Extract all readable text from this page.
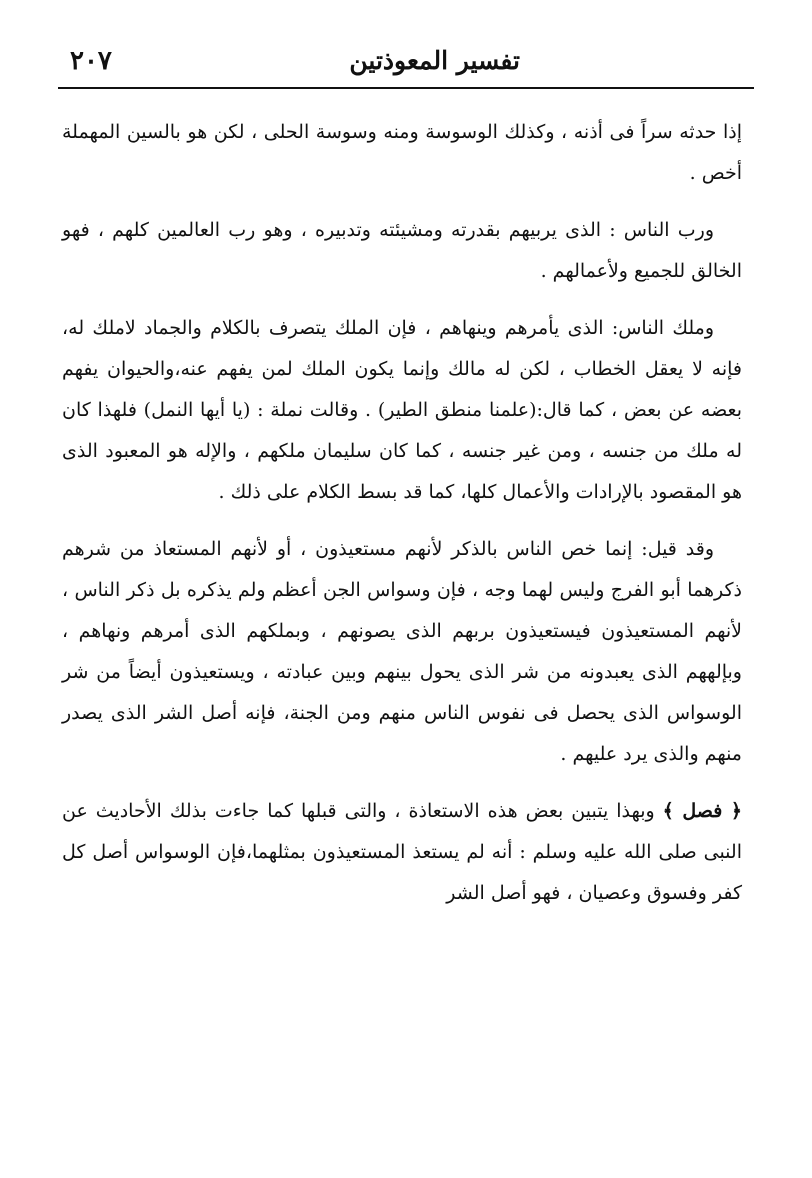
تفسير المعوذتين
٢٠٧

إذا حدثه سراً فى أذنه ، وكذلك الوسوسة ومنه وسوسة الحلى ، لكن هو بالسين المهملة أخص .

ورب الناس : الذى يربيهم بقدرته ومشيئته وتدبيره ، وهو رب العالمين كلهم ، فهو الخالق للجميع ولأعمالهم .

وملك الناس: الذى يأمرهم وينهاهم ، فإن الملك يتصرف بالكلام والجماد لاملك له، فإنه لا يعقل الخطاب ، لكن له مالك وإنما يكون الملك لمن يفهم عنه،والحيوان يفهم بعضه عن بعض ، كما قال:(علمنا منطق الطير) . وقالت نملة : (يا أيها النمل) فلهذا كان له ملك من جنسه ، ومن غير جنسه ، كما كان سليمان ملكهم ، والإله هو المعبود الذى هو المقصود بالإرادات والأعمال كلها، كما قد بسط الكلام على ذلك .

وقد قيل: إنما خص الناس بالذكر لأنهم مستعيذون ، أو لأنهم المستعاذ من شرهم ذكرهما أبو الفرج وليس لهما وجه ، فإن وسواس الجن أعظم ولم يذكره بل ذكر الناس ، لأنهم المستعيذون فيستعيذون بربهم الذى يصونهم ، وبملكهم الذى أمرهم ونهاهم ، وبإلههم الذى يعبدونه من شر الذى يحول بينهم وبين عبادته ، ويستعيذون أيضاً من شر الوسواس الذى يحصل فى نفوس الناس منهم ومن الجنة، فإنه أصل الشر الذى يصدر منهم والذى يرد عليهم .

﴿ فصل ﴾ وبهذا يتبين بعض هذه الاستعاذة ، والتى قبلها كما جاءت بذلك الأحاديث عن النبى صلى الله عليه وسلم : أنه لم يستعذ المستعيذون بمثلهما،فإن الوسواس أصل كل كفر وفسوق وعصيان ، فهو أصل الشر
